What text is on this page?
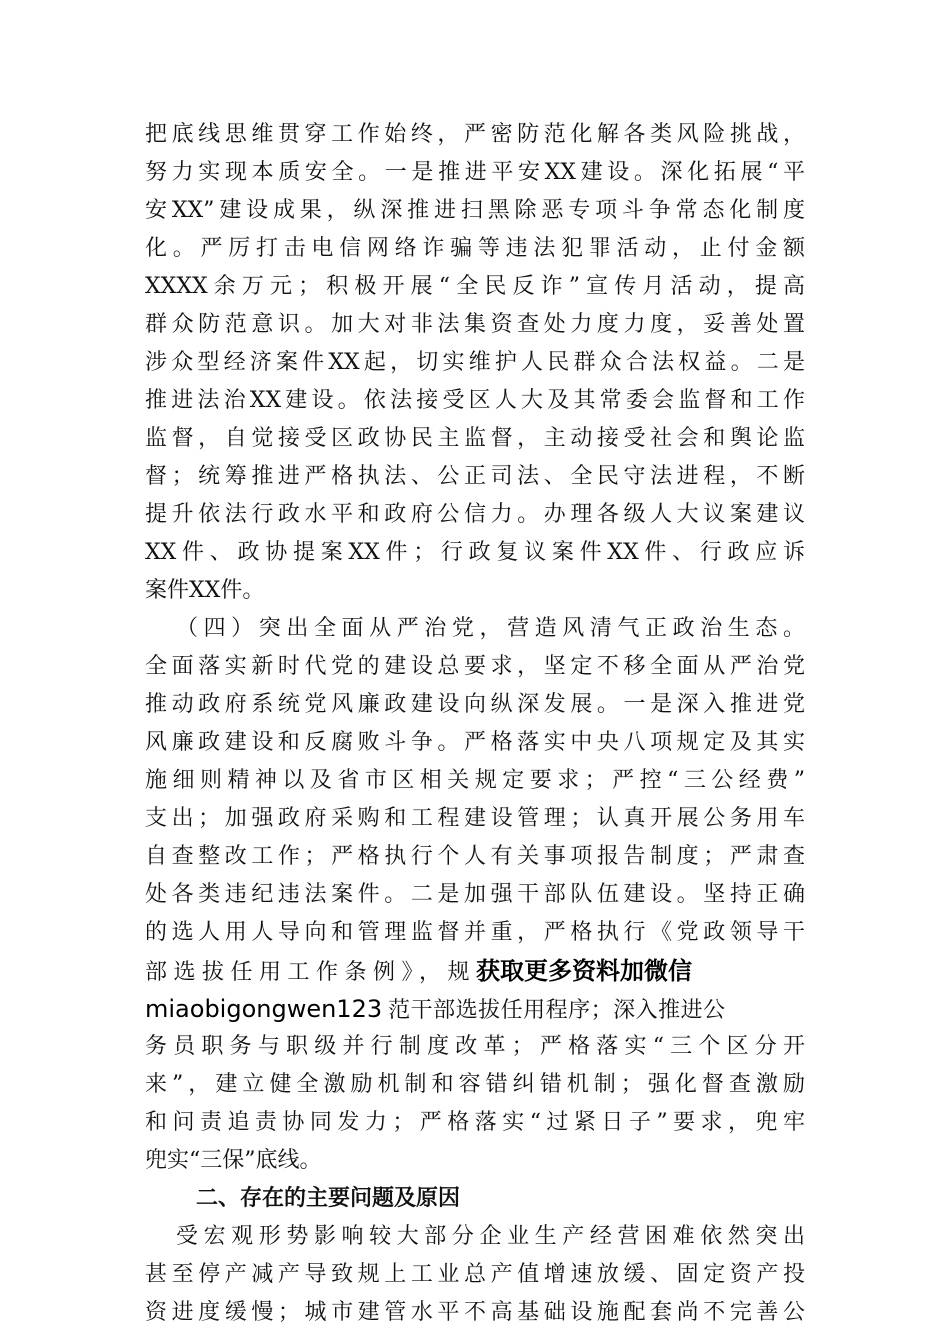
把底线思维贯穿工作始终，严密防范化解各类风险挑战，

努力实现本质安全。一是推进平安XX建设。深化拓展“平

安XX”建设成果，纵深推进扫黑除恶专项斗争常态化制度

化。严厉打击电信网络诈骗等违法犯罪活动，止付金额

XXXX余万元；积极开展“全民反诈”宣传月活动，提高

群众防范意识。加大对非法集资查处力度力度，妥善处置

涉众型经济案件XX起，切实维护人民群众合法权益。二是

推进法治XX建设。依法接受区人大及其常委会监督和工作

监督，自觉接受区政协民主监督，主动接受社会和舆论监

督；统筹推进严格执法、公正司法、全民守法进程，不断

提升依法行政水平和政府公信力。办理各级人大议案建议

XX件、政协提案XX件；行政复议案件XX件、行政应诉

案件XX件。

（四）突出全面从严治党，营造风清气正政治生态。

全面落实新时代党的建设总要求，坚定不移全面从严治党

推动政府系统党风廉政建设向纵深发展。一是深入推进党

风廉政建设和反腐败斗争。严格落实中央八项规定及其实

施细则精神以及省市区相关规定要求；严控“三公经费”

支出；加强政府采购和工程建设管理；认真开展公务用车

自查整改工作；严格执行个人有关事项报告制度；严肃查

处各类违纪违法案件。二是加强干部队伍建设。坚持正确

的选人用人导向和管理监督并重，严格执行《党政领导干

部选拔任用工作条例》，规获取更多资料加微信
miaobigongwen123 范干部选拔任用程序；深入推进公

务员职务与职级并行制度改革；严格落实“三个区分开

来”，建立健全激励机制和容错纠错机制；强化督查激励

和问责追责协同发力；严格落实“过紧日子”要求，兜牢

兜实“三保”底线。

二、存在的主要问题及原因

受宏观形势影响较大部分企业生产经营困难依然突出

甚至停产减产导致规上工业总产值增速放缓、固定资产投

资进度缓慢；城市建管水平不高基础设施配套尚不完善公
